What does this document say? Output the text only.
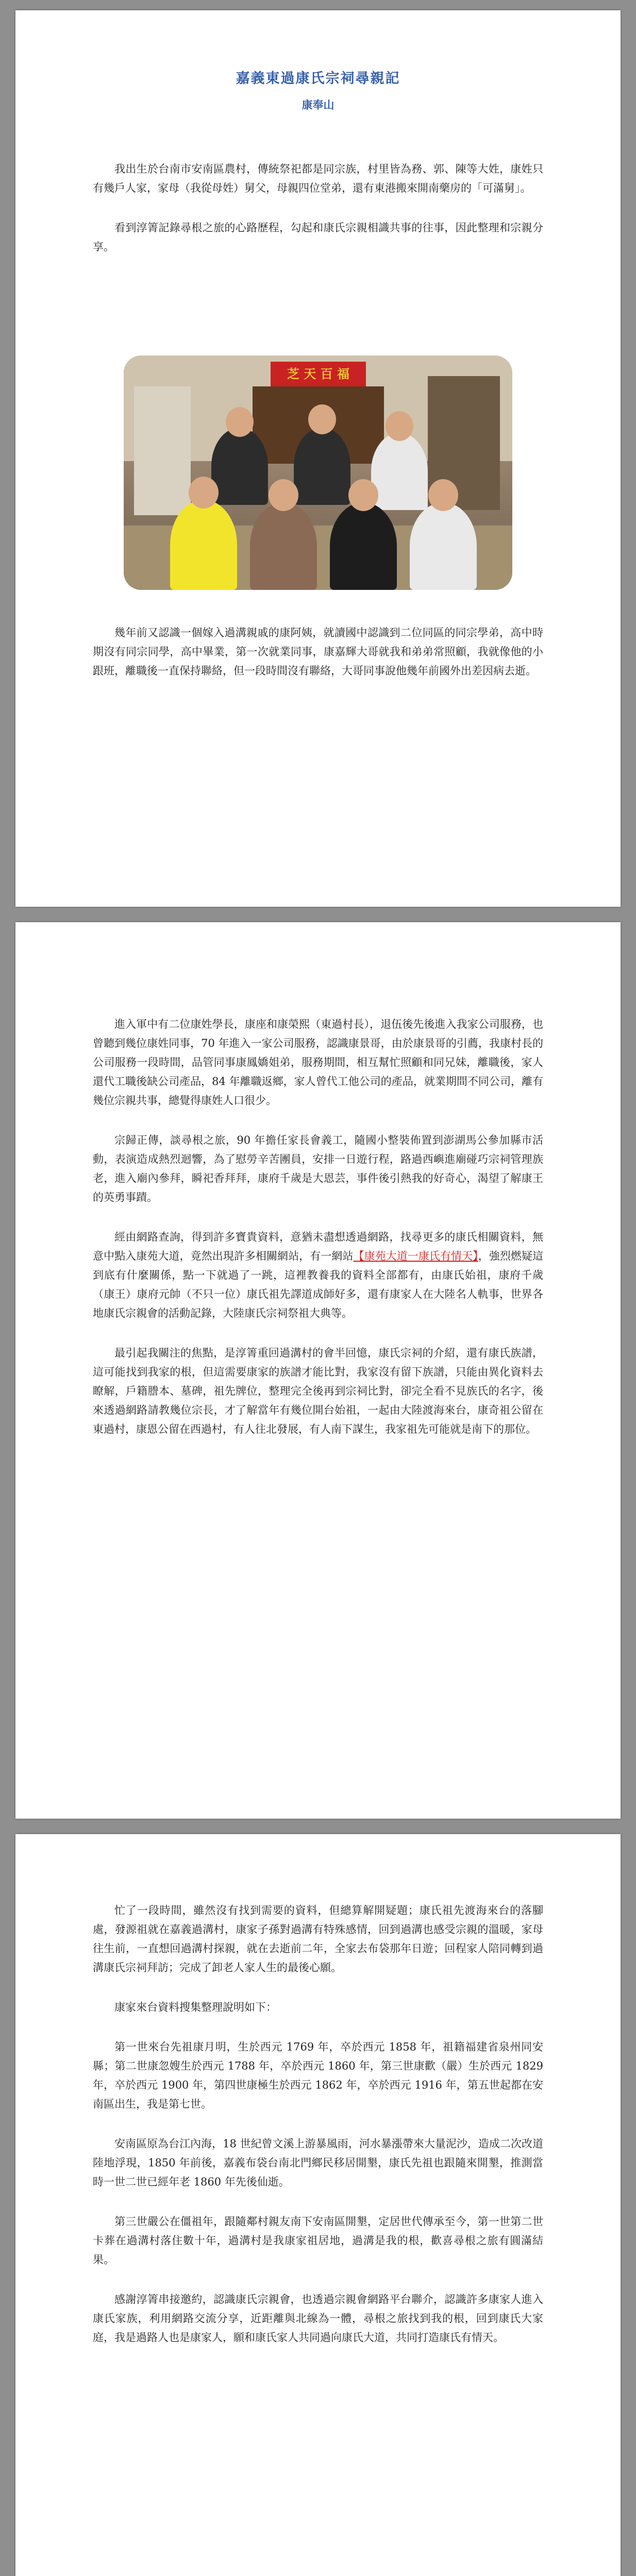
嘉義東過康氏宗祠尋親記
康奉山

我出生於台南市安南區農村，傳統祭祀都是同宗族，村里皆為務、郭、陳等大姓，康姓只有幾戶人家，家母（我從母姓）舅父，母親四位堂弟，還有東港搬來開南藥房的「可滿舅」。

看到淳箐記錄尋根之旅的心路歷程，勾起和康氏宗親相識共事的往事，因此整理和宗親分享。

芝 天 百 福

幾年前又認識一個嫁入過溝親戚的康阿姨，就讀國中認識到二位同區的同宗學弟，高中時期沒有同宗同學，高中畢業，第一次就業同事，康嘉輝大哥就我和弟弟常照顧，我就像他的小跟班，離職後一直保持聯絡，但一段時間沒有聯絡，大哥同事說他幾年前國外出差因病去逝。

進入軍中有二位康姓學長，康座和康榮熙（東過村長），退伍後先後進入我家公司服務，也曾聽到幾位康姓同事，70 年進入一家公司服務，認識康景哥，由於康景哥的引薦，我康村長的公司服務一段時間，品管同事康鳳嬌姐弟，服務期間，相互幫忙照顧和同兄妹，離職後，家人還代工職後缺公司產品，84 年離職返鄉，家人曾代工他公司的產品，就業期間不同公司，離有幾位宗親共事，總覺得康姓人口很少。

宗歸正傳，談尋根之旅，90 年擔任家長會義工，隨國小整裝佈置到澎湖馬公參加縣市活動，表演造成熱烈迴響，為了慰勞辛苦團員，安排一日遊行程，路過西嶼進廟碰巧宗祠管理族老，進入廟內參拜，瞬祀香拜拜，康府千歲是大恩芸，事件後引熱我的好奇心，渴望了解康王的英勇事蹟。

經由網路查詢，得到許多寶貴資料，意猶未盡想透過網路，找尋更多的康氏相關資料，無意中點入康苑大道，竟然出現許多相關網站，有一網站【康苑大道一康氏有情天】，強烈燃疑這到底有什麼關係，點一下就過了一跳，這裡教養我的資料全部都有，由康氏始祖，康府千歲（康王）康府元帥（不只一位）康氏祖先譯道成師好多，還有康家人在大陸名人軌事，世界各地康氏宗親會的活動記錄，大陸康氏宗祠祭祖大典等。

最引起我關注的焦點，是淳箐重回過溝村的會半回憶，康氏宗祠的介紹，還有康氏族譜，這可能找到我家的根，但這需要康家的族譜才能比對，我家沒有留下族譜，只能由異化資料去瞭解，戶籍謄本、墓碑，祖先牌位，整理完全後再到宗祠比對，卻完全看不見族氏的名字，後來透過網路請教幾位宗長，才了解當年有幾位開台始祖，一起由大陸渡海來台，康奇祖公留在東過村，康恩公留在西過村，有人往北發展，有人南下謀生，我家祖先可能就是南下的那位。

忙了一段時間，雖然沒有找到需要的資料，但總算解開疑題；康氏祖先渡海來台的落腳處，發源祖就在嘉義過溝村，康家子孫對過溝有特殊感情，回到過溝也感受宗親的溫暖，家母往生前，一直想回過溝村探親，就在去逝前二年，全家去布袋那年日遊；回程家人陪同轉到過溝康氏宗祠拜訪；完成了卸老人家人生的最後心願。

康家來台資料搜集整理說明如下：

第一世來台先祖康月明，生於西元 1769 年，卒於西元 1858 年，祖籍福建省泉州同安縣；第二世康忽嫂生於西元 1788 年，卒於西元 1860 年，第三世康歡（嚴）生於西元 1829 年，卒於西元 1900 年，第四世康極生於西元 1862 年，卒於西元 1916 年，第五世起都在安南區出生，我是第七世。

安南區原為台江內海，18 世紀曾文溪上游暴風雨，河水暴漲帶來大量泥沙，造成二次改道陸地浮現，1850 年前後，嘉義布袋台南北門鄉民移居開墾，康氏先祖也跟隨來開墾，推測當時一世二世已經年老 1860 年先後仙逝。

第三世嚴公在僵祖年，跟隨鄰村親友南下安南區開墾，定居世代傳承至今，第一世第二世卡葬在過溝村落住數十年，過溝村是我康家祖居地，過溝是我的根，歡喜尋根之旅有圓滿結果。

感謝淳箐串接邀約，認識康氏宗親會，也透過宗親會網路平台聯介，認識許多康家人進入康氏家族，利用網路交流分享，近距離與北線為一體，尋根之旅找到我的根，回到康氏大家庭，我是過路人也是康家人，願和康氏家人共同過向康氏大道，共同打造康氏有情天。
